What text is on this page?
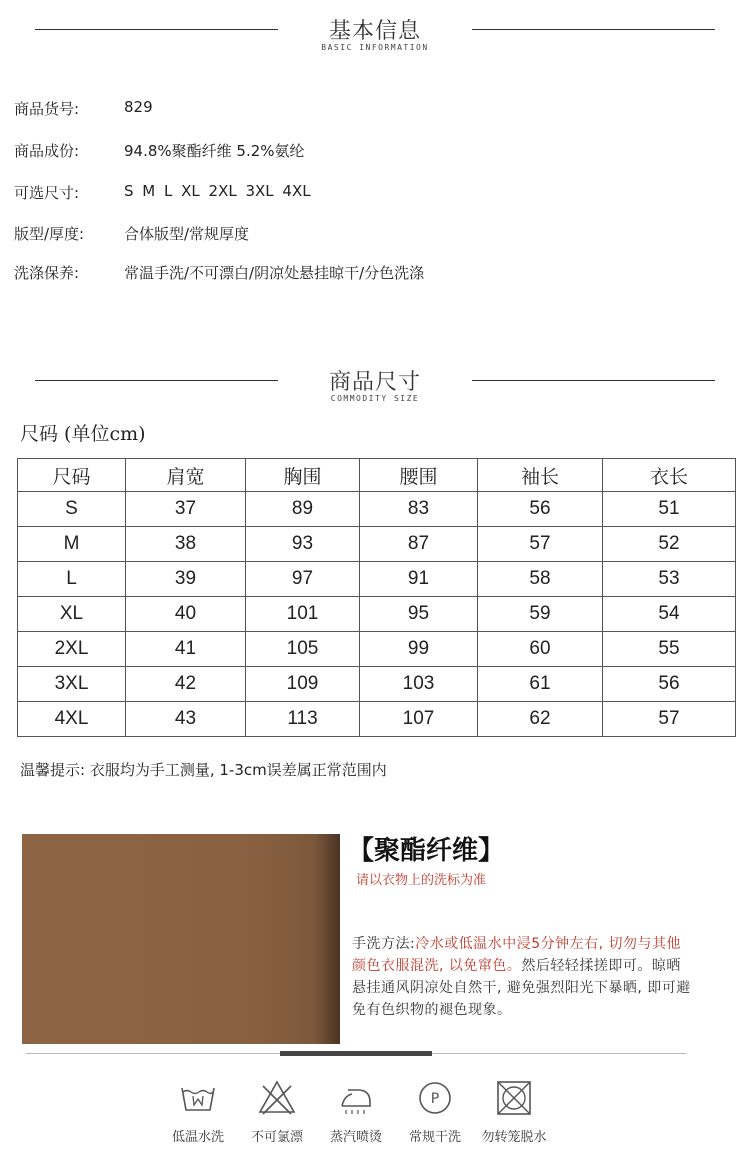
基本信息
BASIC INFORMATION
商品货号:	829
商品成份:	94.8%聚酯纤维 5.2%氨纶
可选尺寸:	S M L XL 2XL 3XL 4XL
版型/厚度:	合体版型/常规厚度
洗涤保养:	常温手洗/不可漂白/阴凉处悬挂晾干/分色洗涤
商品尺寸
COMMODITY SIZE
尺码 (单位cm)
尺码	肩宽	胸围	腰围	袖长	衣长
S	37	89	83	56	51
M	38	93	87	57	52
L	39	97	91	58	53
XL	40	101	95	59	54
2XL	41	105	99	60	55
3XL	42	109	103	61	56
4XL	43	113	107	62	57
温馨提示: 衣服均为手工测量, 1-3cm误差属正常范围内
【聚酯纤维】
请以衣物上的洗标为准
手洗方法:冷水或低温水中浸5分钟左右, 切勿与其他颜色衣服混洗, 以免窜色。然后轻轻揉搓即可。晾晒悬挂通风阴凉处自然干, 避免强烈阳光下暴晒, 即可避免有色织物的褪色现象。
低温水洗	不可氯漂	蒸汽喷烫
P
常规干洗	勿转笼脱水
